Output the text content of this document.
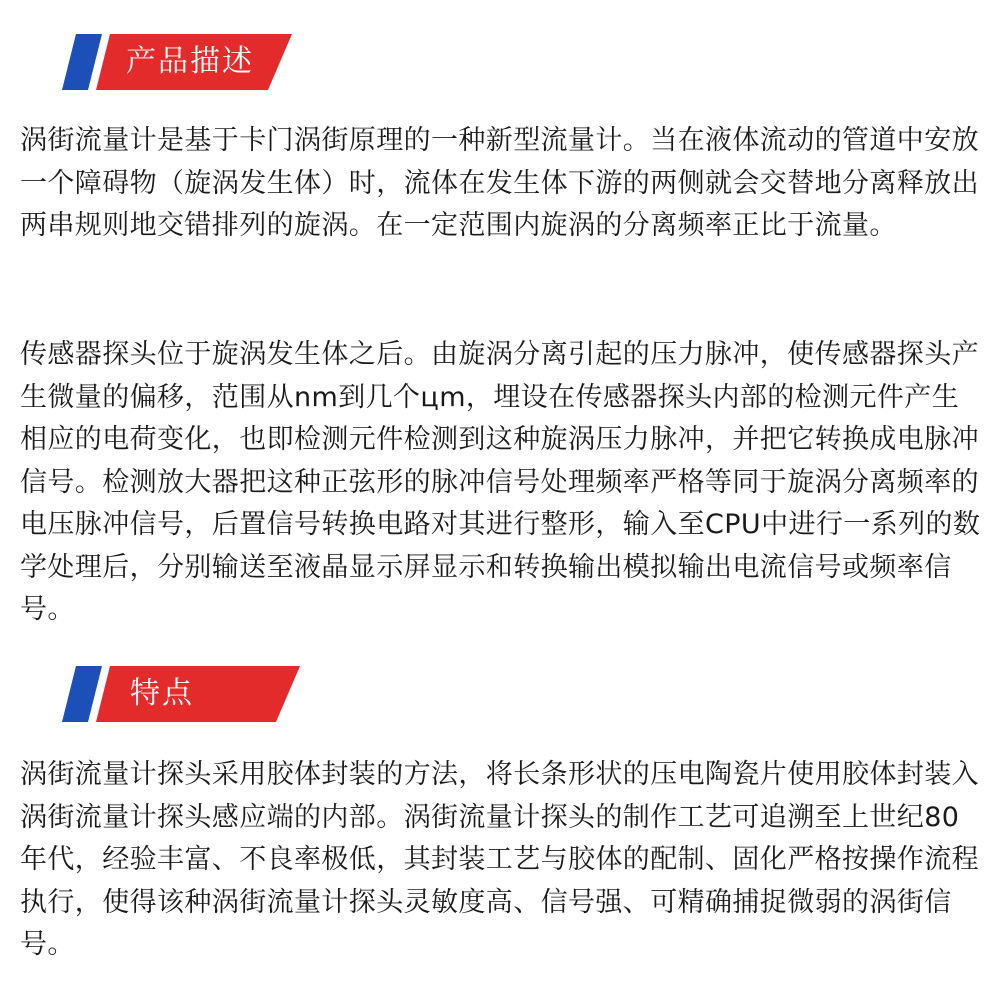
产品描述

涡街流量计是基于卡门涡街原理的一种新型流量计。当在液体流动的管道中安放一个障碍物（旋涡发生体）时，流体在发生体下游的两侧就会交替地分离释放出两串规则地交错排列的旋涡。在一定范围内旋涡的分离频率正比于流量。

传感器探头位于旋涡发生体之后。由旋涡分离引起的压力脉冲，使传感器探头产生微量的偏移，范围从nm到几个цm，埋设在传感器探头内部的检测元件产生相应的电荷变化，也即检测元件检测到这种旋涡压力脉冲，并把它转换成电脉冲信号。检测放大器把这种正弦形的脉冲信号处理频率严格等同于旋涡分离频率的电压脉冲信号，后置信号转换电路对其进行整形，输入至CPU中进行一系列的数学处理后，分别输送至液晶显示屏显示和转换输出模拟输出电流信号或频率信号。

特点

涡街流量计探头采用胶体封装的方法，将长条形状的压电陶瓷片使用胶体封装入涡街流量计探头感应端的内部。涡街流量计探头的制作工艺可追溯至上世纪80年代，经验丰富、不良率极低，其封装工艺与胶体的配制、固化严格按操作流程执行，使得该种涡街流量计探头灵敏度高、信号强、可精确捕捉微弱的涡街信号。
